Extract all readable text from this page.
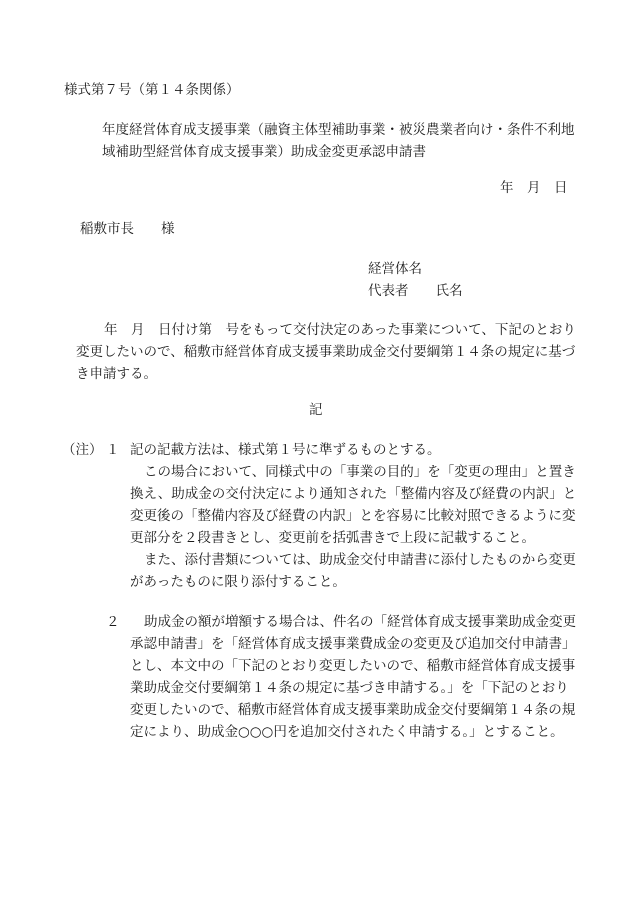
様式第７号（第１４条関係）
年度経営体育成支援事業（融資主体型補助事業・被災農業者向け・条件不利地
域補助型経営体育成支援事業）助成金変更承認申請書
年　月　日
稲敷市長　　様
経営体名
代表者　　氏名
年　月　日付け第　号をもって交付決定のあった事業について、下記のとおり
変更したいので、稲敷市経営体育成支援事業助成金交付要綱第１４条の規定に基づ
き申請する。
記
（注） １ 記の記載方法は、様式第１号に準ずるものとする。
この場合において、同様式中の「事業の目的」を「変更の理由」と置き
換え、助成金の交付決定により通知された「整備内容及び経費の内訳」と
変更後の「整備内容及び経費の内訳」とを容易に比較対照できるように変
更部分を２段書きとし、変更前を括弧書きで上段に記載すること。
また、添付書類については、助成金交付申請書に添付したものから変更
があったものに限り添付すること。
２ 助成金の額が増額する場合は、件名の「経営体育成支援事業助成金変更
承認申請書」を「経営体育成支援事業費成金の変更及び追加交付申請書」
とし、本文中の「下記のとおり変更したいので、稲敷市経営体育成支援事
業助成金交付要綱第１４条の規定に基づき申請する。」を「下記のとおり
変更したいので、稲敷市経営体育成支援事業助成金交付要綱第１４条の規
定により、助成金○○○円を追加交付されたく申請する。」とすること。
